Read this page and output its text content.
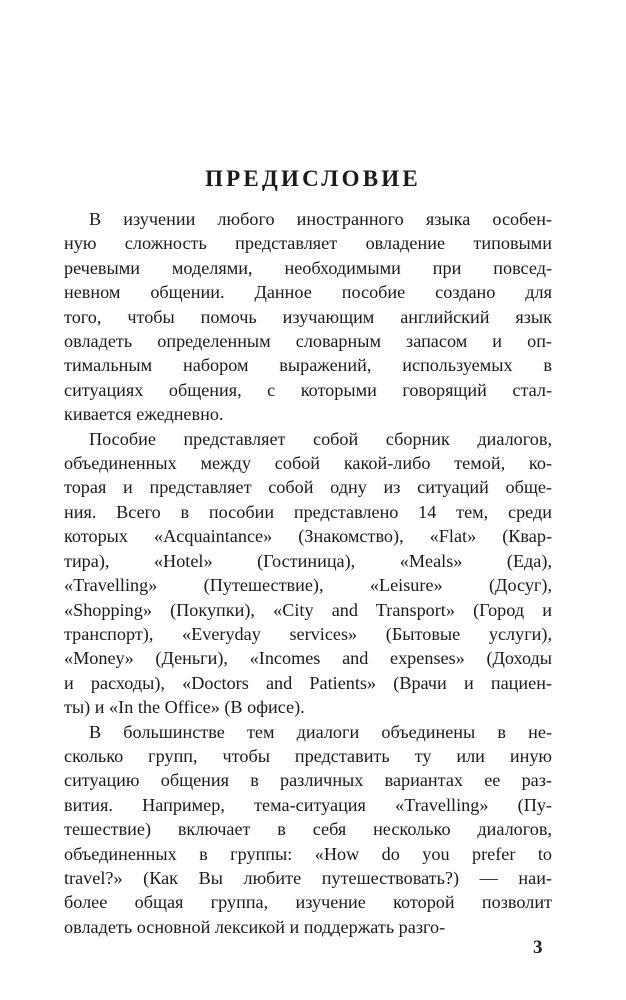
ПРЕДИСЛОВИЕ
В изучении любого иностранного языка особен-
ную сложность представляет овладение типовыми
речевыми моделями, необходимыми при повсед-
невном общении. Данное пособие создано для
того, чтобы помочь изучающим английский язык
овладеть определенным словарным запасом и оп-
тимальным набором выражений, используемых в
ситуациях общения, с которыми говорящий стал-
кивается ежедневно.
Пособие представляет собой сборник диалогов,
объединенных между собой какой-либо темой, ко-
торая и представляет собой одну из ситуаций обще-
ния. Всего в пособии представлено 14 тем, среди
которых «Acquaintance» (Знакомство), «Flat» (Квар-
тира), «Hotel» (Гостиница), «Meals» (Еда),
«Travelling» (Путешествие), «Leisure» (Досуг),
«Shopping» (Покупки), «City and Transport» (Город и
транспорт), «Everyday services» (Бытовые услуги),
«Money» (Деньги), «Incomes and expenses» (Доходы
и расходы), «Doctors and Patients» (Врачи и пациен-
ты) и «In the Office» (В офисе).
В большинстве тем диалоги объединены в не-
сколько групп, чтобы представить ту или иную
ситуацию общения в различных вариантах ее раз-
вития. Например, тема-ситуация «Travelling» (Пу-
тешествие) включает в себя несколько диалогов,
объединенных в группы: «How do you prefer to
travel?» (Как Вы любите путешествовать?) — наи-
более общая группа, изучение которой позволит
овладеть основной лексикой и поддержать разго-
3
